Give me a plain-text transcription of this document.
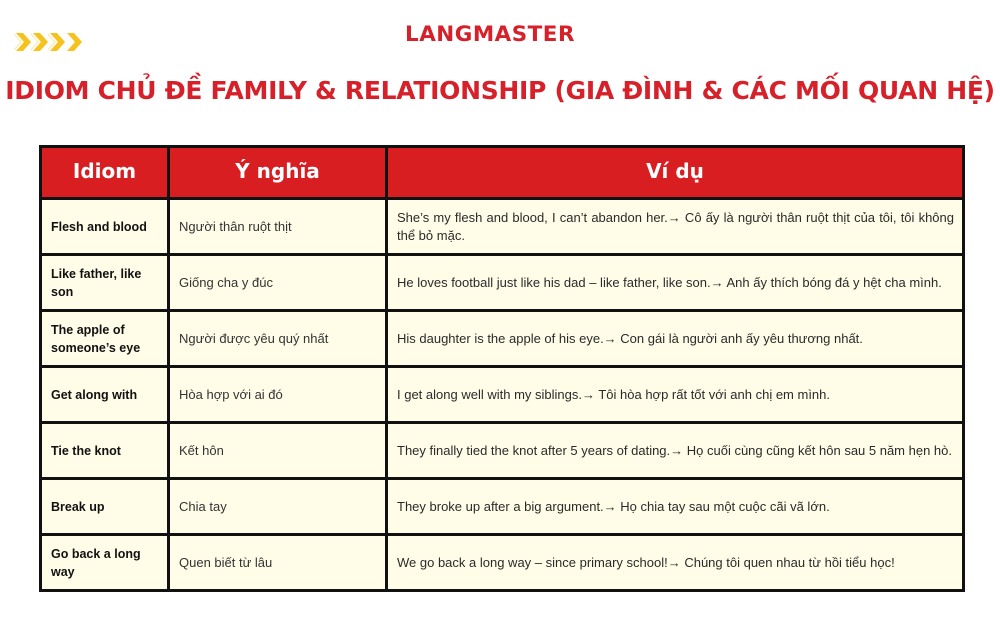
LANGMASTER
IDIOM CHỦ ĐỀ FAMILY & RELATIONSHIP (GIA ĐÌNH & CÁC MỐI QUAN HỆ)
Idiom	Ý nghĩa	Ví dụ
Flesh and blood	Người thân ruột thịt	She’s my flesh and blood, I can’t abandon her.→ Cô ấy là người thân ruột thịt của tôi, tôi không thể bỏ mặc.
Like father, like son	Giống cha y đúc	He loves football just like his dad – like father, like son.→ Anh ấy thích bóng đá y hệt cha mình.
The apple of someone’s eye	Người được yêu quý nhất	His daughter is the apple of his eye.→ Con gái là người anh ấy yêu thương nhất.
Get along with	Hòa hợp với ai đó	I get along well with my siblings.→ Tôi hòa hợp rất tốt với anh chị em mình.
Tie the knot	Kết hôn	They finally tied the knot after 5 years of dating.→ Họ cuối cùng cũng kết hôn sau 5 năm hẹn hò.
Break up	Chia tay	They broke up after a big argument.→ Họ chia tay sau một cuộc cãi vã lớn.
Go back a long way	Quen biết từ lâu	We go back a long way – since primary school!→ Chúng tôi quen nhau từ hồi tiểu học!
